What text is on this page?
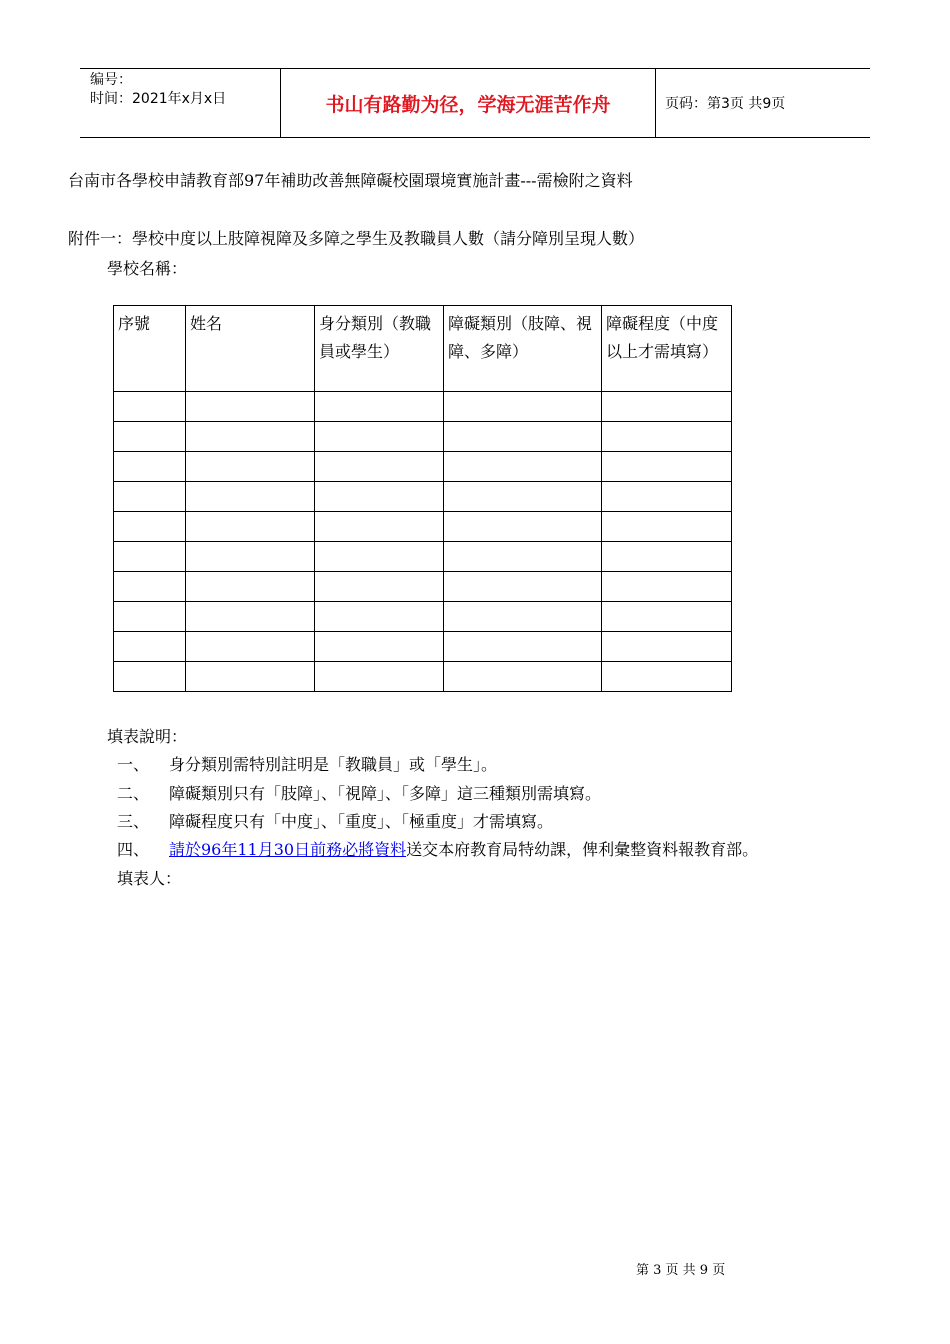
编号：
时间：2021年x月x日	书山有路勤为径，学海无涯苦作舟	页码：第3页 共9页
台南市各學校申請教育部97年補助改善無障礙校園環境實施計畫---需檢附之資料
附件一：學校中度以上肢障視障及多障之學生及教職員人數（請分障別呈現人數）
學校名稱：
序號	姓名	身分類別（教職員或學生）	障礙類別（肢障、視障、多障）	障礙程度（中度以上才需填寫）

填表說明：
一、 身分類別需特別註明是「教職員」或「學生」。
二、 障礙類別只有「肢障」、「視障」、「多障」這三種類別需填寫。
三、 障礙程度只有「中度」、「重度」、「極重度」才需填寫。
四、 請於96年11月30日前務必將資料送交本府教育局特幼課，俾利彙整資料報教育部。
填表人：
第 3 页 共 9 页
